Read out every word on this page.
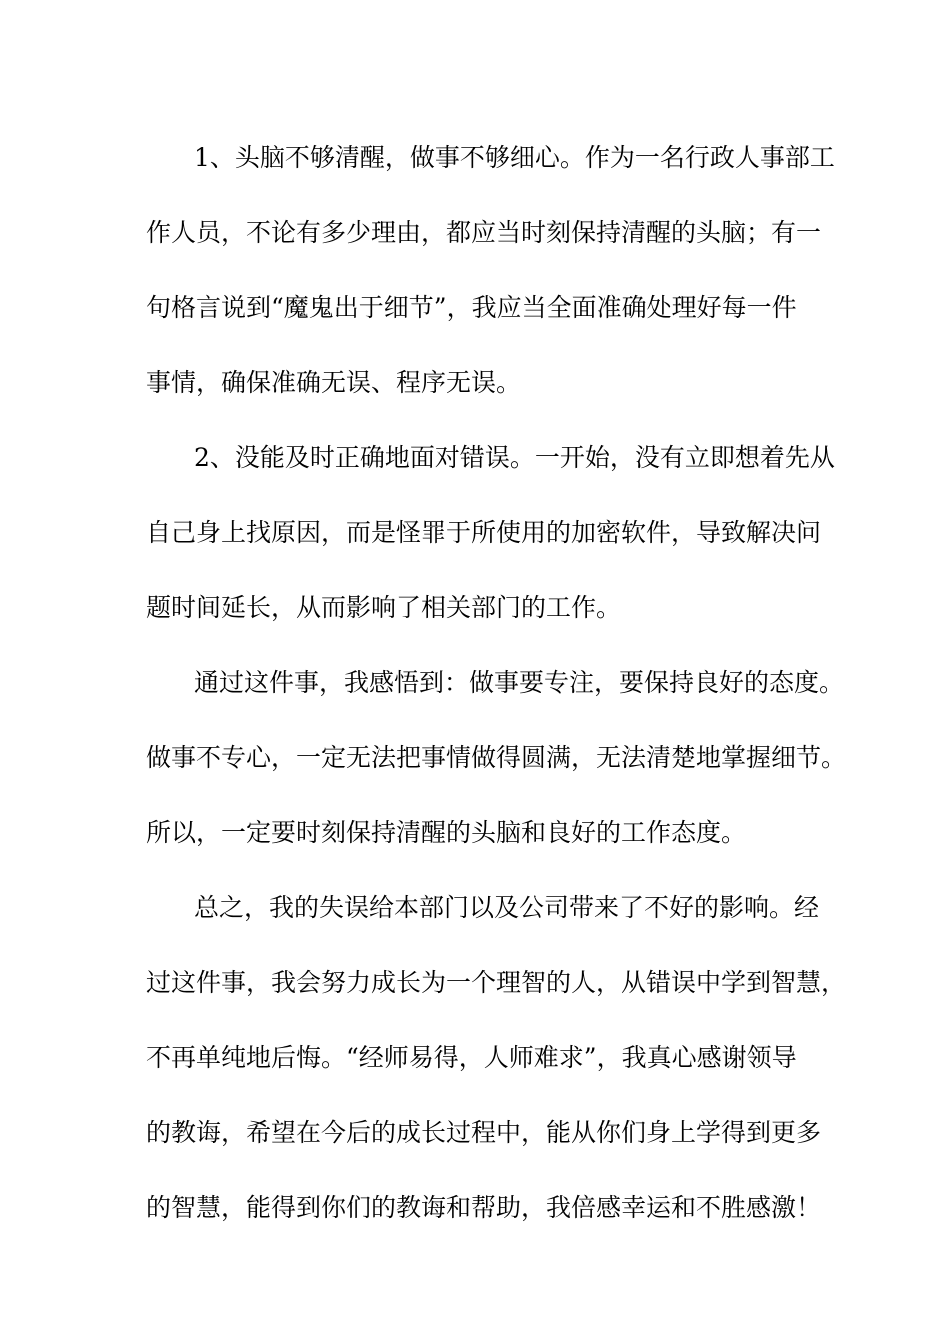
1、头脑不够清醒，做事不够细心。作为一名行政人事部工
作人员，不论有多少理由，都应当时刻保持清醒的头脑；有一
句格言说到“魔鬼出于细节”，我应当全面准确处理好每一件
事情，确保准确无误、程序无误。
2、没能及时正确地面对错误。一开始，没有立即想着先从
自己身上找原因，而是怪罪于所使用的加密软件，导致解决问
题时间延长，从而影响了相关部门的工作。
通过这件事，我感悟到：做事要专注，要保持良好的态度。
做事不专心，一定无法把事情做得圆满，无法清楚地掌握细节。
所以，一定要时刻保持清醒的头脑和良好的工作态度。
总之，我的失误给本部门以及公司带来了不好的影响。经
过这件事，我会努力成长为一个理智的人，从错误中学到智慧，
不再单纯地后悔。“经师易得，人师难求”，我真心感谢领导
的教诲，希望在今后的成长过程中，能从你们身上学得到更多
的智慧，能得到你们的教诲和帮助，我倍感幸运和不胜感激！
